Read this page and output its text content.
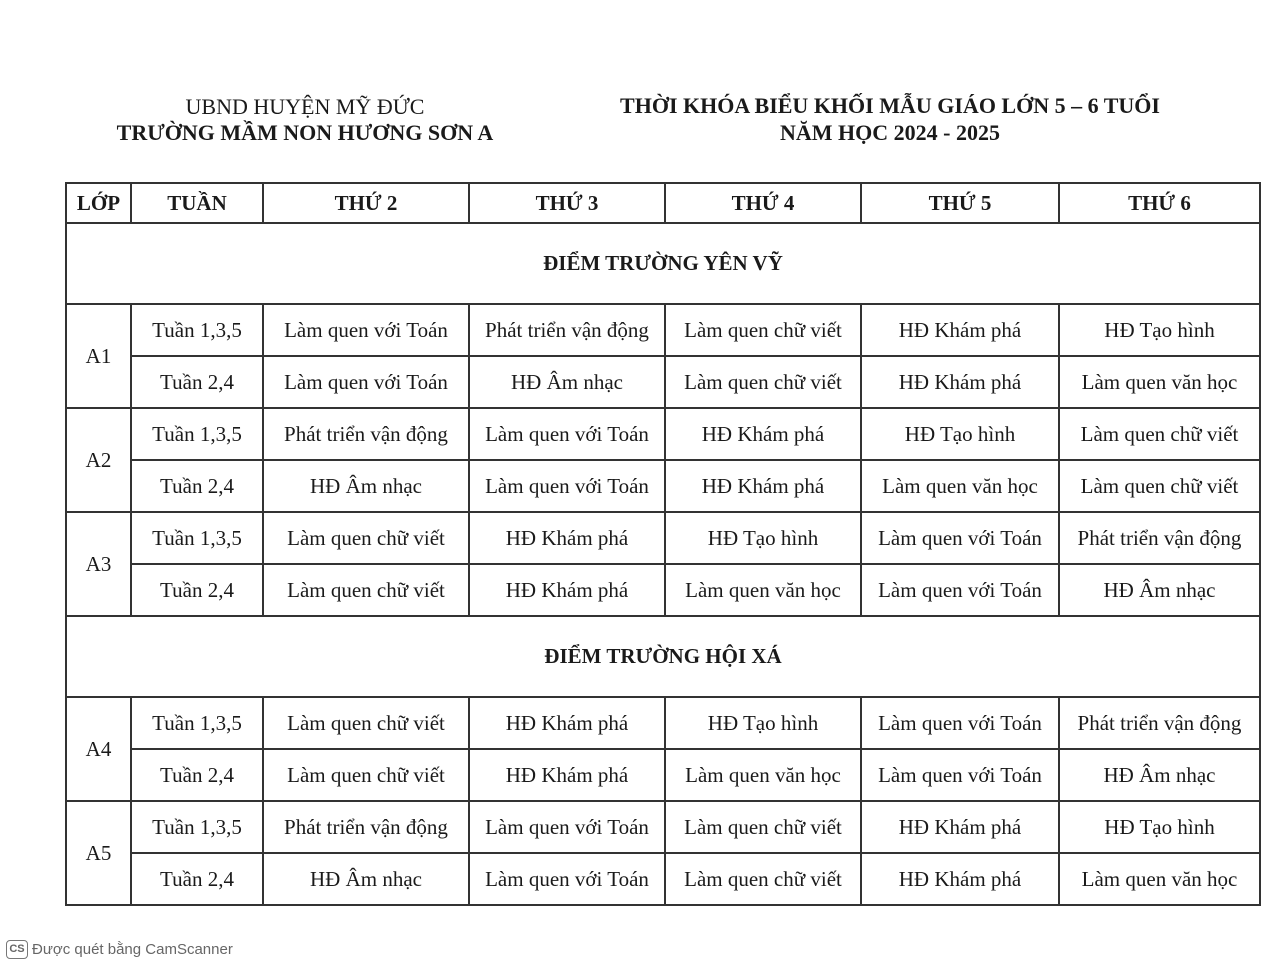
UBND HUYỆN MỸ ĐỨC
TRƯỜNG MẦM NON HƯƠNG SƠN A
THỜI KHÓA BIỂU KHỐI MẪU GIÁO LỚN 5 – 6 TUỔI
NĂM HỌC 2024 - 2025
LỚP	TUẦN	THỨ 2	THỨ 3	THỨ 4	THỨ 5	THỨ 6
ĐIỂM TRƯỜNG YÊN VỸ						
A1	Tuần 1,3,5	Làm quen với Toán	Phát triển vận động	Làm quen chữ viết	HĐ Khám phá	HĐ Tạo hình
	Tuần 2,4	Làm quen với Toán	HĐ Âm nhạc	Làm quen chữ viết	HĐ Khám phá	Làm quen văn học
A2	Tuần 1,3,5	Phát triển vận động	Làm quen với Toán	HĐ Khám phá	HĐ Tạo hình	Làm quen chữ viết
	Tuần 2,4	HĐ Âm nhạc	Làm quen với Toán	HĐ Khám phá	Làm quen văn học	Làm quen chữ viết
A3	Tuần 1,3,5	Làm quen chữ viết	HĐ Khám phá	HĐ Tạo hình	Làm quen với Toán	Phát triển vận động
	Tuần 2,4	Làm quen chữ viết	HĐ Khám phá	Làm quen văn học	Làm quen với Toán	HĐ Âm nhạc
ĐIỂM TRƯỜNG HỘI XÁ						
A4	Tuần 1,3,5	Làm quen chữ viết	HĐ Khám phá	HĐ Tạo hình	Làm quen với Toán	Phát triển vận động
	Tuần 2,4	Làm quen chữ viết	HĐ Khám phá	Làm quen văn học	Làm quen với Toán	HĐ Âm nhạc
A5	Tuần 1,3,5	Phát triển vận động	Làm quen với Toán	Làm quen chữ viết	HĐ Khám phá	HĐ Tạo hình
	Tuần 2,4	HĐ Âm nhạc	Làm quen với Toán	Làm quen chữ viết	HĐ Khám phá	Làm quen văn học
CS Được quét bằng CamScanner
